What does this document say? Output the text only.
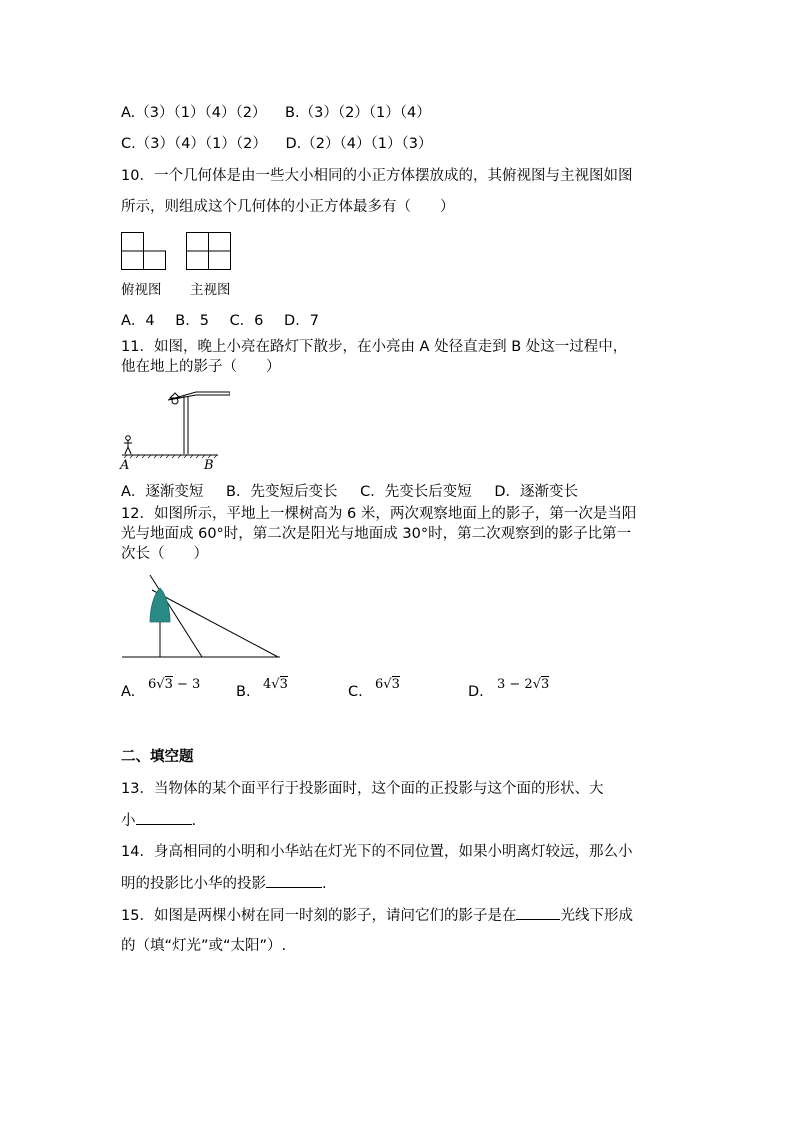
A.（3）（1）（4）（2） B.（3）（2）（1）（4）
C.（3）（4）（1）（2） D.（2）（4）（1）（3）
10．一个几何体是由一些大小相同的小正方体摆放成的，其俯视图与主视图如图
所示，则组成这个几何体的小正方体最多有（　　）
俯视图 主视图
A．4 B．5 C．6 D．7
11．如图，晚上小亮在路灯下散步，在小亮由 A 处径直走到 B 处这一过程中，
他在地上的影子（　　）
A	B
A．逐渐变短 B．先变短后变长 C．先变长后变短 D．逐渐变长
12．如图所示，平地上一棵树高为 6 米，两次观察地面上的影子，第一次是当阳
光与地面成 60°时，第二次是阳光与地面成 30°时，第二次观察到的影子比第一
次长（　　）
A. 6√3 − 3 B. 4√3	C. 6√3	D. 3 − 2√3
二、填空题
13．当物体的某个面平行于投影面时，这个面的正投影与这个面的形状、大
小	.
14．身高相同的小明和小华站在灯光下的不同位置，如果小明离灯较远，那么小
明的投影比小华的投影	.
15．如图是两棵小树在同一时刻的影子，请问它们的影子是在	光线下形成
的（填“灯光”或“太阳”）.
